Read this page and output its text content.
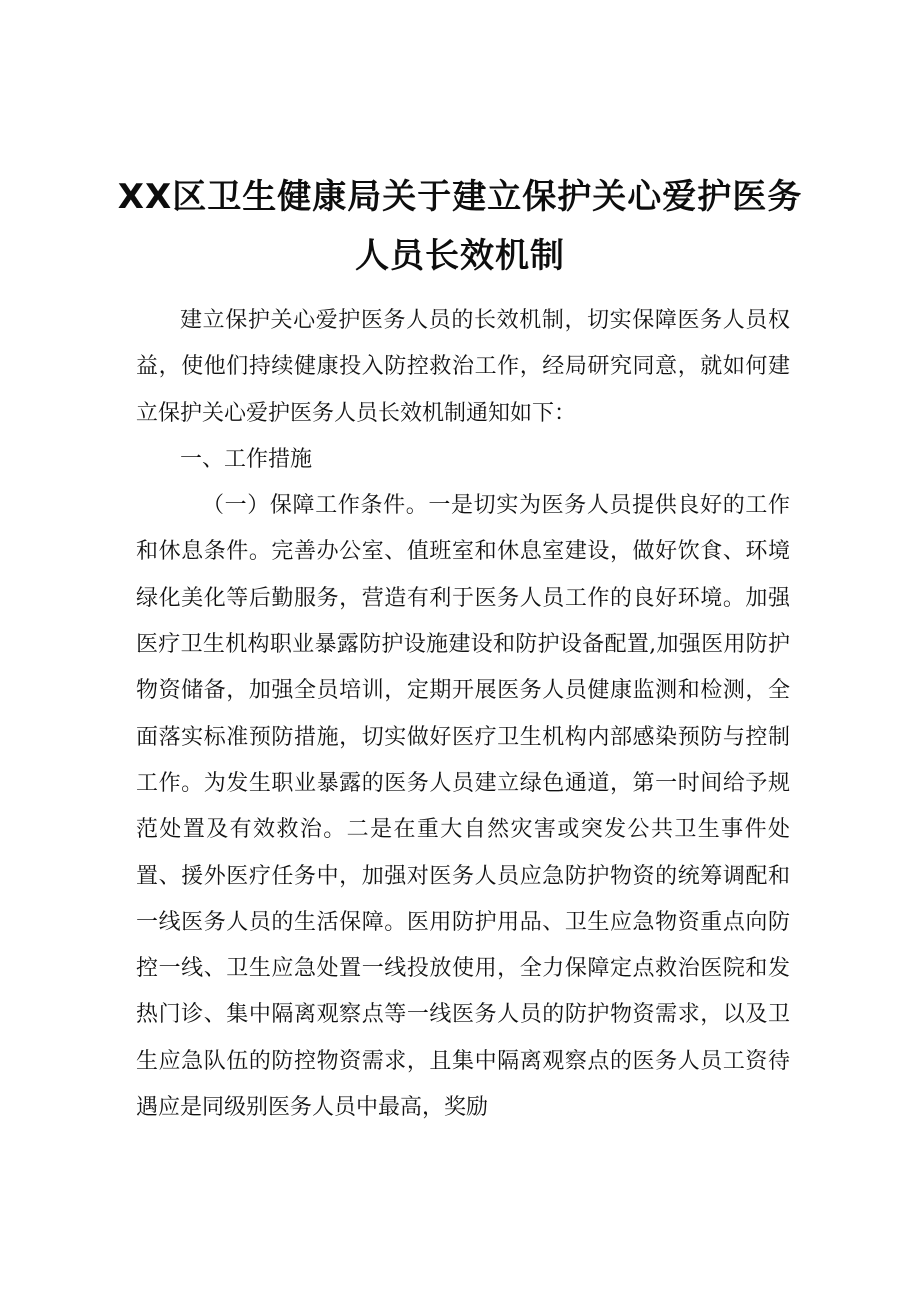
XX区卫生健康局关于建立保护关心爱护医务
人员长效机制

建立保护关心爱护医务人员的长效机制，切实保障医务人员权益，使他们持续健康投入防控救治工作，经局研究同意，就如何建立保护关心爱护医务人员长效机制通知如下：

一、工作措施

（一）保障工作条件。一是切实为医务人员提供良好的工作和休息条件。完善办公室、值班室和休息室建设，做好饮食、环境绿化美化等后勤服务，营造有利于医务人员工作的良好环境。加强医疗卫生机构职业暴露防护设施建设和防护设备配置,加强医用防护物资储备，加强全员培训，定期开展医务人员健康监测和检测，全面落实标准预防措施，切实做好医疗卫生机构内部感染预防与控制工作。为发生职业暴露的医务人员建立绿色通道，第一时间给予规范处置及有效救治。二是在重大自然灾害或突发公共卫生事件处置、援外医疗任务中，加强对医务人员应急防护物资的统筹调配和一线医务人员的生活保障。医用防护用品、卫生应急物资重点向防控一线、卫生应急处置一线投放使用，全力保障定点救治医院和发热门诊、集中隔离观察点等一线医务人员的防护物资需求，以及卫生应急队伍的防控物资需求，且集中隔离观察点的医务人员工资待遇应是同级别医务人员中最高，奖励
